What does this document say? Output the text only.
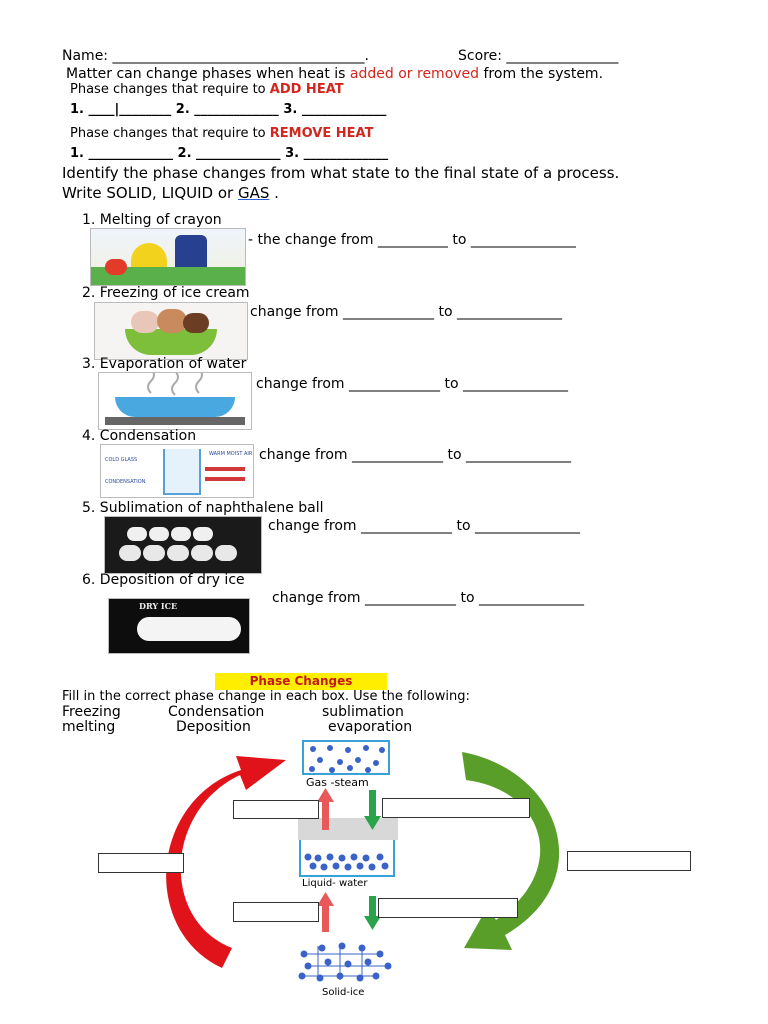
Name: ____________________________________.	Score: ________________
Matter can change phases when heat is added or removed from the system.
Phase changes that require to ADD HEAT
1. ____|________ 2. _____________ 3. _____________
Phase changes that require to REMOVE HEAT
1. _____________ 2. _____________ 3. _____________
Identify the phase changes from what state to the final state of a process.
Write SOLID, LIQUID or GAS .
1. Melting of crayon
- the change from __________ to _______________
2. Freezing of ice cream
change from _____________ to _______________
3. Evaporation of water
change from _____________ to _______________
4. Condensation
COLD GLASS
WARM MOIST AIR
CONDENSATION
change from _____________ to _______________
5. Sublimation of naphthalene ball
change from _____________ to _______________
6. Deposition of dry ice
DRY ICE	change from _____________ to _______________
Phase Changes
Fill in the correct phase change in each box. Use the following:
Freezing	Condensation	sublimation
melting	Deposition	evaporation
Gas -steam
Liquid- water
Solid-ice
